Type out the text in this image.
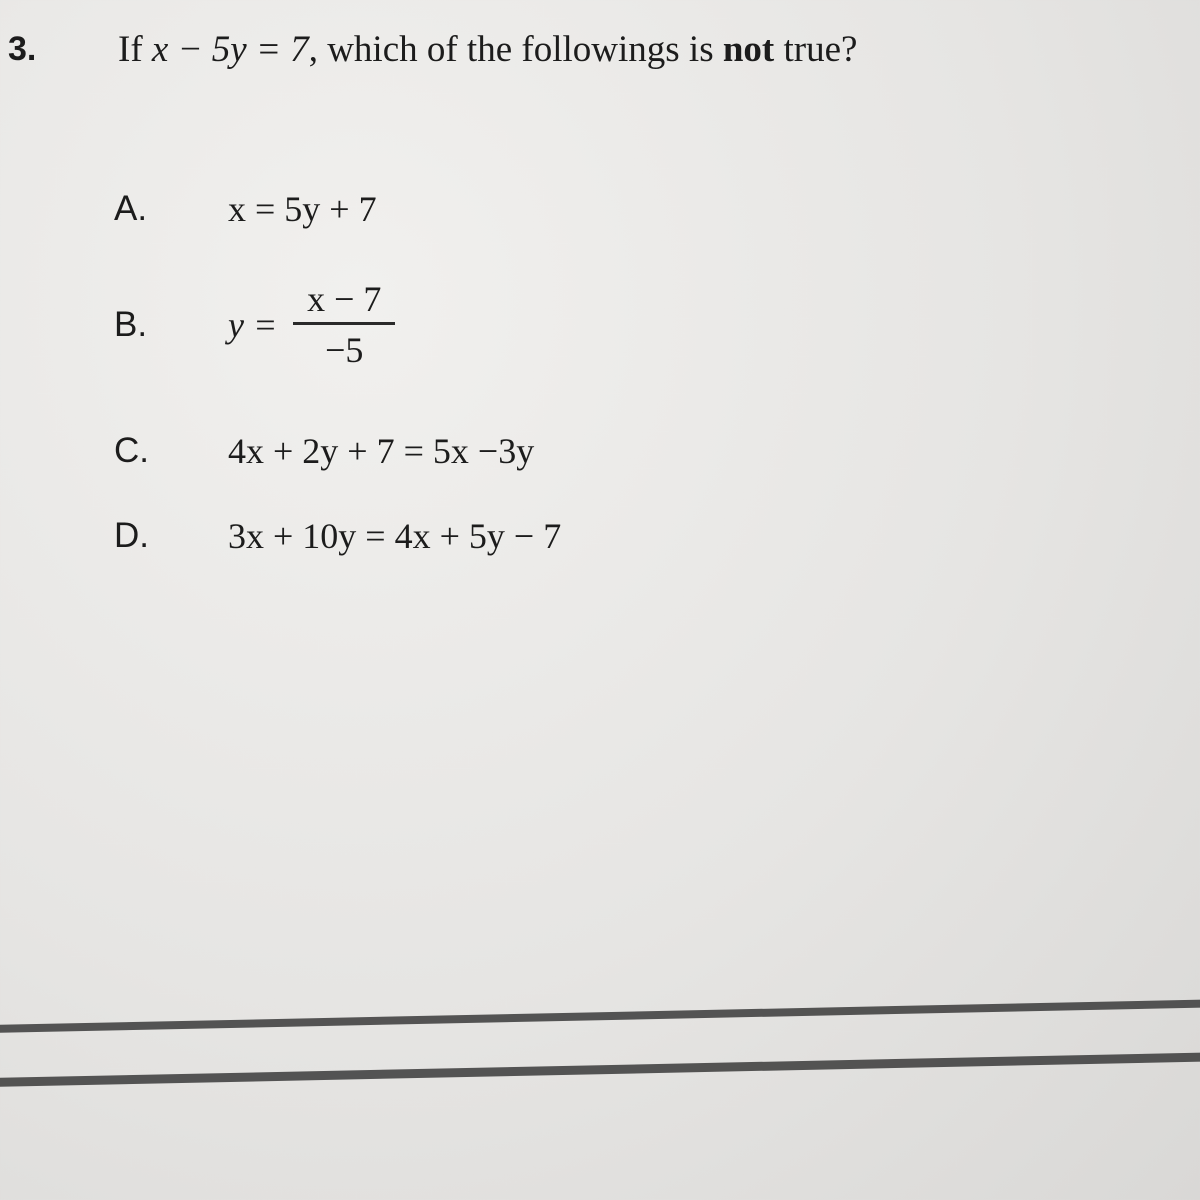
3. If x − 5y = 7, which of the followings is not true?
A.	x = 5y + 7
B.	$y = \frac{x - 7}{-5}$
C.	4x + 2y + 7 = 5x −3y
D.	3x + 10y = 4x + 5y − 7
